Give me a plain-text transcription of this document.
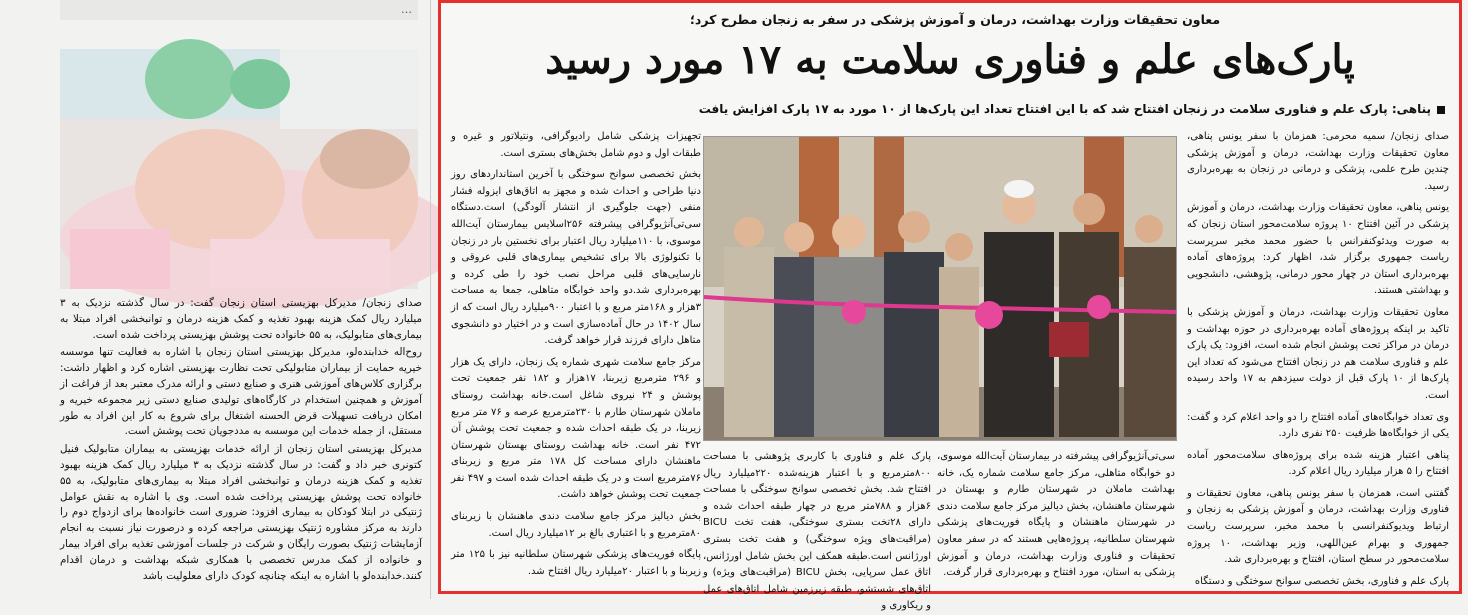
…

صدای زنجان/ مدیرکل بهزیستی استان زنجان گفت: در سال گذشته نزدیک به ۳ میلیارد ریال کمک هزینه بهبود تغذیه و کمک هزینه درمان و توانبخشی افراد مبتلا به بیماری‌های متابولیک، به ۵۵ خانواده تحت پوشش بهزیستی پرداخت شده است.

روح‌اله خدابنده‌لو، مدیرکل بهزیستی استان زنجان با اشاره به فعالیت تنها موسسه خیریه حمایت از بیماران متابولیکی تحت نظارت بهزیستی اشاره کرد و اظهار داشت: برگزاری کلاس‌های آموزشی هنری و صنایع دستی و ارائه مدرک معتبر بعد از فراغت از آموزش و همچنین استخدام در کارگاه‌های تولیدی صنایع دستی زیر مجموعه خیریه و امکان دریافت تسهیلات قرض الحسنه اشتغال برای شروع به کار این افراد به طور مستقل، از جمله خدمات این موسسه به مددجویان تحت پوشش است.

مدیرکل بهزیستی استان زنجان از ارائه خدمات بهزیستی به بیماران متابولیک فنیل کتونری خبر داد و گفت: در سال گذشته نزدیک به ۳ میلیارد ریال کمک هزینه بهبود تغذیه و کمک هزینه درمان و توانبخشی افراد مبتلا به بیماری‌های متابولیک، به ۵۵ خانواده تحت پوشش بهزیستی پرداخت شده است. وی با اشاره به نقش عوامل ژنتیکی در ابتلا کودکان به بیماری افزود: ضروری است خانواده‌ها برای ازدواج دوم را دارند به مرکز مشاوره ژنتیک بهزیستی مراجعه کرده و درصورت نیاز نسبت به انجام آزمایشات ژنتیک بصورت رایگان و شرکت در جلسات آموزشی تغذیه برای افراد بیمار و خانواده از کمک مدرس تخصصی با همکاری شبکه بهداشت و درمان اقدام کنند.خدابنده‌لو با اشاره به اینکه چنانچه کودک دارای معلولیت باشد

معاون تحقیقات وزارت بهداشت، درمان و آموزش پزشکی در سفر به زنجان مطرح کرد؛
پارک‌های علم و فناوری سلامت به ۱۷ مورد رسید
پناهی: پارک علم و فناوری سلامت در زنجان افتتاح شد که با این افتتاح تعداد این پارک‌ها از ۱۰ مورد به ۱۷ پارک افزایش یافت

صدای زنجان/ سمیه محرمی: همزمان با سفر یونس پناهی، معاون تحقیقات وزارت بهداشت، درمان و آموزش پزشکی چندین طرح علمی، پزشکی و درمانی در زنجان به بهره‌برداری رسید.

یونس پناهی، معاون تحقیقات وزارت بهداشت، درمان و آموزش پزشکی در آئین افتتاح ۱۰ پروژه سلامت‌محور استان زنجان که به صورت ویدئوکنفرانس با حضور محمد مخبر سرپرست ریاست جمهوری برگزار شد، اظهار کرد: پروژه‌های آماده بهره‌برداری استان در چهار محور درمانی، پژوهشی، دانشجویی و بهداشتی هستند.

معاون تحقیقات وزارت بهداشت، درمان و آموزش پزشکی با تاکید بر اینکه پروژه‌های آماده بهره‌برداری در حوزه بهداشت و درمان در مراکز تحت پوشش انجام شده است، افزود: یک پارک علم و فناوری سلامت هم در زنجان افتتاح می‌شود که تعداد این پارک‌ها از ۱۰ پارک قبل از دولت سیزدهم به ۱۷ واحد رسیده است.

وی تعداد خوابگاه‌های آماده افتتاح را دو واحد اعلام کرد و گفت: یکی از خوابگاه‌ها ظرفیت ۲۵۰ نفری دارد.

پناهی اعتبار هزینه شده برای پروژه‌های سلامت‌محور آماده افتتاح را ۵ هزار میلیارد ریال اعلام کرد.

گفتنی است، همزمان با سفر یونس پناهی، معاون تحقیقات و فناوری وزارت بهداشت، درمان و آموزش پزشکی به زنجان و ارتباط ویدیوکنفرانسی با محمد مخبر، سرپرست ریاست جمهوری و بهرام عین‌اللهی، وزیر بهداشت، ۱۰ پروژه سلامت‌محور در سطح استان، افتتاح و بهره‌برداری شد.

پارک علم و فناوری، بخش تخصصی سوانح سوختگی و دستگاه

سی‌تی‌آنژیوگرافی پیشرفته در بیمارستان آیت‌الله موسوی، دو خوابگاه متاهلی، مرکز جامع سلامت شماره یک، خانه بهداشت ماملان در شهرستان طارم و بهستان در شهرستان ماهنشان، بخش دیالیز مرکز جامع سلامت دندی در شهرستان ماهنشان و پایگاه فوریت‌های پزشکی شهرستان سلطانیه، پروژه‌هایی هستند که در سفر معاون تحقیقات و فناوری وزارت بهداشت، درمان و آموزش پزشکی به استان، مورد افتتاح و بهره‌برداری قرار گرفت.

پارک علم و فناوری با کاربری پژوهشی با مساحت ۸۰۰مترمربع و با اعتبار هزینه‌شده ۲۲۰میلیارد ریال افتتاح شد. بخش تخصصی سوانح سوختگی با مساحت ۶هزار و ۷۸۸متر مربع در چهار طبقه احداث شده و دارای ۲۸تخت بستری سوختگی، هفت تخت BICU (مراقبت‌های ویژه سوختگی) و هفت تخت بستری اورژانس است.طبقه همکف این بخش شامل اورژانس، اتاق عمل سرپایی، بخش BICU (مراقبت‌های ویژه) و اتاق‌های شستشو، طبقه زیرزمین شامل اتاق‌های عمل و ریکاوری و

تجهیزات پزشکی شامل رادیوگرافی، ونتیلاتور و غیره و طبقات اول و دوم شامل بخش‌های بستری است.

بخش تخصصی سوانح سوختگی با آخرین استانداردهای روز دنیا طراحی و احداث شده و مجهز به اتاق‌های ایزوله فشار منفی (جهت جلوگیری از انتشار آلودگی) است.دستگاه سی‌تی‌آنژیوگرافی پیشرفته ۲۵۶اسلایس بیمارستان آیت‌الله موسوی، با ۱۱۰میلیارد ریال اعتبار برای نخستین بار در زنجان با تکنولوژی بالا برای تشخیص بیماری‌های قلبی عروقی و نارسایی‌های قلبی مراحل نصب خود را طی کرده و بهره‌برداری شد.دو واحد خوابگاه متاهلی، جمعا به مساحت ۳هزار و ۱۶۸متر مربع و با اعتبار ۹۰۰میلیارد ریال است که از سال ۱۴۰۲ در حال آماده‌سازی است و در اختیار دو دانشجوی متاهل دارای فرزند قرار خواهد گرفت.

مرکز جامع سلامت شهری شماره یک زنجان، دارای یک هزار و ۲۹۶ مترمربع زیربنا، ۱۷هزار و ۱۸۲ نفر جمعیت تحت پوشش و ۲۴ نیروی شاغل است.خانه بهداشت روستای ماملان شهرستان طارم با ۲۳۰مترمربع عرصه و ۷۶ متر مربع زیربنا، در یک طبقه احداث شده و جمعیت تحت پوشش آن ۴۷۲ نفر است. خانه بهداشت روستای بهستان شهرستان ماهنشان دارای مساحت کل ۱۷۸ متر مربع و زیربنای ۷۶مترمربع است و در یک طبقه احداث شده است و ۴۹۷ نفر جمعیت تحت پوشش خواهد داشت.

بخش دیالیز مرکز جامع سلامت دندی ماهنشان با زیربنای ۸۰مترمربع و با اعتباری بالغ بر ۱۲میلیارد ریال است.

پایگاه فوریت‌های پزشکی شهرستان سلطانیه نیز با ۱۲۵ متر زیربنا و با اعتبار ۲۰میلیارد ریال افتتاح شد.
